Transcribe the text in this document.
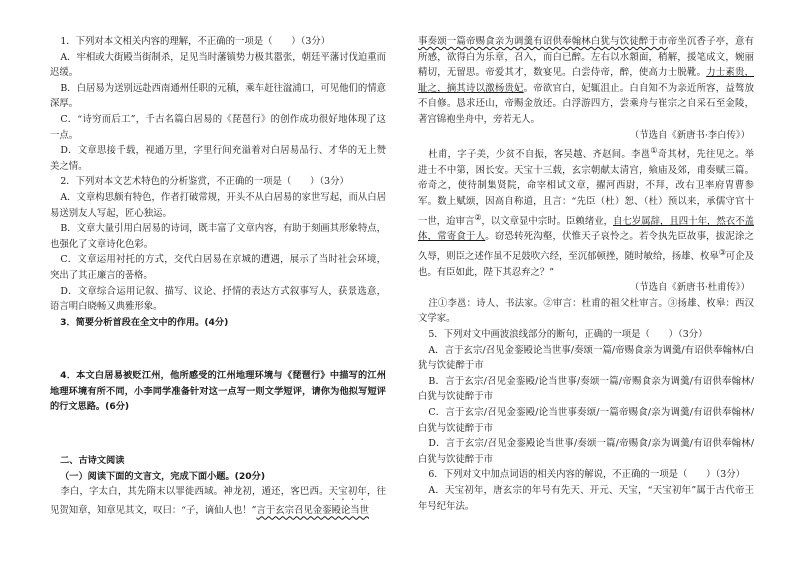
1．下列对本文相关内容的理解，不正确的一项是（　　）（3分）

A．牢相或大街殿当街制杀，足见当时藩镇势力极其嚣张，朝廷平藩讨伐迫重而迟缓。

B．白居易为送别远赴西南通州任职的元稹，乘车赶往湓浦口，可见他们的情意深厚。

C．“诗穷而后工”，千古名篇白居易的《琵琶行》的创作成功很好地体现了这一点。

D．文章思接千载，视通万里，字里行间充溢着对白居易品行、才华的无上赞美之情。

2．下列对本文艺术特色的分析鉴赏，不正确的一项是（　　）（3分）

A．文章构思颇有特色，作者打破常规，开头不从白居易的家世写起，而从白居易送别友人写起，匠心独运。

B．文章大量引用白居易的诗词，既丰富了文章内容，有助于刻画其形象特点，也强化了文章诗化色彩。

C．文章运用衬托的方式，交代白居易在京城的遭遇，展示了当时社会环境，突出了其正廉言的품格。

D．文章综合运用记叙、描写、议论、抒情的表达方式叙事写人，获景选意，语言明白晓畅又典雅形象。

3．简要分析首段在全文中的作用。(4分)

4．本文白居易被贬江州，他所感受的江州地理环境与《琵琶行》中描写的江州地理环境有所不同，小李同学准备针对这一点写一则文学短评，请你为他拟写短评的行文思路。(6分)

二、古诗文阅读

（一）阅读下面的文言文，完成下面小题。(20分)

李白，字太白，其先隋末以罪徙西域。神龙初，遁还，客巴西。天宝初年，往见贺知章，知章见其文，叹曰：“子，谪仙人也！”言于玄宗召见金銮殿论当世

事奏颂一篇帝赐食亲为调羹有诏供奉翰林白犹与饮徒醉于市帝坐沉香子亭，意有所感，欲得白为乐章，召入，而白已醉。左右以水頮面，稍解，援笔成文，婉丽精切，无留思。帝爱其才，数宴见。白尝侍帝，醉，使高力士脱靴。力士素贵，耻之，摘其诗以激杨贵妃。帝欲官白，妃辄沮止。白自知不为亲近所容，益骜放不自修。恳求还山，帝赐金放还。白浮游四方，尝乘舟与崔宗之自采石至金陵，著宫锦袍坐舟中，旁若无人。

（节选自《新唐书·李白传》）

杜甫，字子美，少贫不自振，客吴越、齐赵间。李邕①奇其材，先往见之。举进士不中第，困长安。天宝十三载，玄宗朝献太清宫，飨庙及郊，甫奏赋三篇。帝奇之，使待制集贤院，命宰相试文章，擢河西尉，不拜，改右卫率府胄曹参军。数上赋颂，因高自称道，且言：“先臣（杜）恕、（杜）预以来，承儒守官十一世，迨审言②，以文章显中宗时。臣赖绪业，自七岁属辞，且四十年，然衣不盖体，常寄食于人。窃恐转死沟壑，伏惟天子哀怜之。若令执先臣故事，拔泥涂之久辱，则臣之述作虽不足鼓吹六经，至沉郁顿挫，随时敏给，扬雄、枚皋③可企及也。有臣如此，陛下其忍弃之？”

（节选自《新唐书·杜甫传》）

注①李邕：诗人、书法家。②审言：杜甫的祖父杜审言。③扬雄、枚皋：西汉文学家。

5．下列对文中画波浪线部分的断句，正确的一项是（　　）（3分）

A．言于玄宗/召见金銮殿论当世事/奏颂一篇/帝赐食亲为调羹/有诏供奉翰林/白犹与饮徒醉于市

B．言于玄宗/召见金銮殿/论当世事/奏颂一篇/帝赐食亲为调羹/有诏供奉翰林/白犹与饮徒醉于市

C．言于玄宗/召见金銮殿/论当世事奏颂/一篇帝赐食/亲为调羹/有诏供奉翰林/白犹与饮徒醉于市

D．言于玄宗/召见金銮殿论当世事/奏颂一篇/帝赐食/亲为调羹/有诏供奉翰林/白犹与饮徒醉于市

6．下列对文中加点词语的相关内容的解说，不正确的一项是（　　）（3分）

A．天宝初年，唐玄宗的年号有先天、开元、天宝，“天宝初年”属于古代帝王年号纪年法。
